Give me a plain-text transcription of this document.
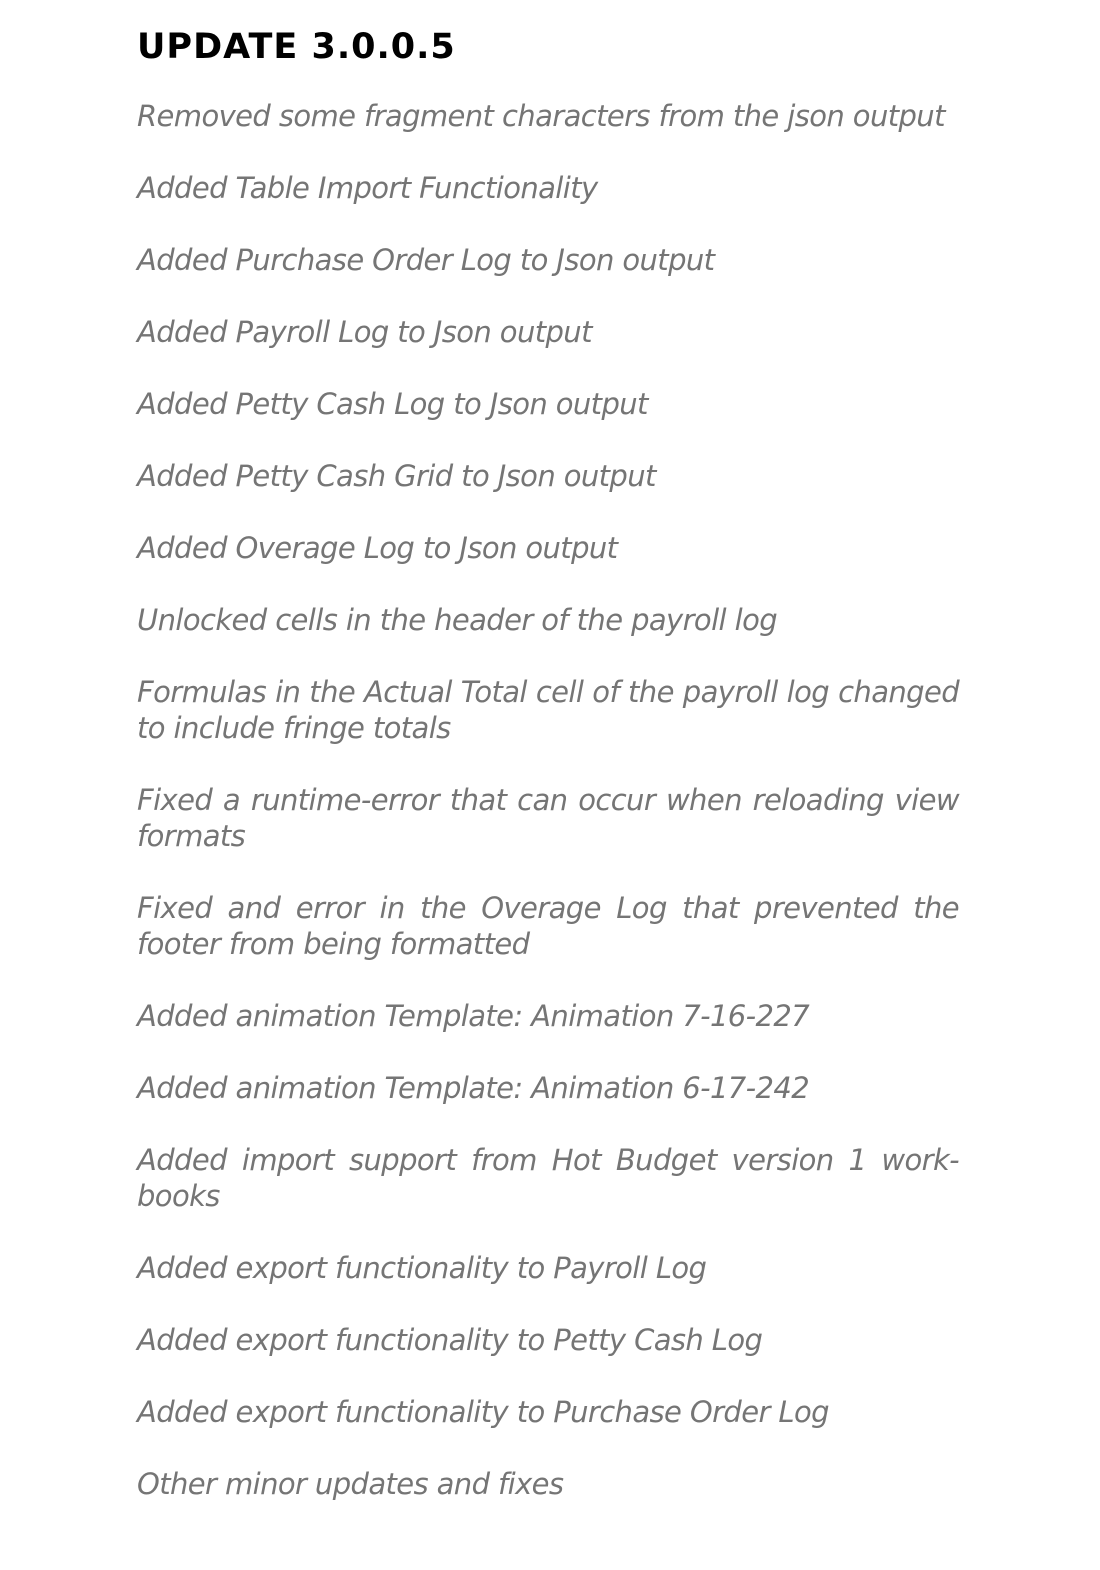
UPDATE 3.0.0.5
Removed some fragment characters from the json output
Added Table Import Functionality
Added Purchase Order Log to Json output
Added Payroll Log to Json output
Added Petty Cash Log to Json output
Added Petty Cash Grid to Json output
Added Overage Log to Json output
Unlocked cells in the header of the payroll log
Formulas in the Actual Total cell of the payroll log changed to include fringe totals
Fixed a runtime-error that can occur when reloading view formats
Fixed and error in the Overage Log that prevented the footer from being formatted
Added animation Template: Animation 7-16-227
Added animation Template: Animation 6-17-242
Added import support from Hot Budget version 1 work-books
Added export functionality to Payroll Log
Added export functionality to Petty Cash Log
Added export functionality to Purchase Order Log
Other minor updates and fixes
